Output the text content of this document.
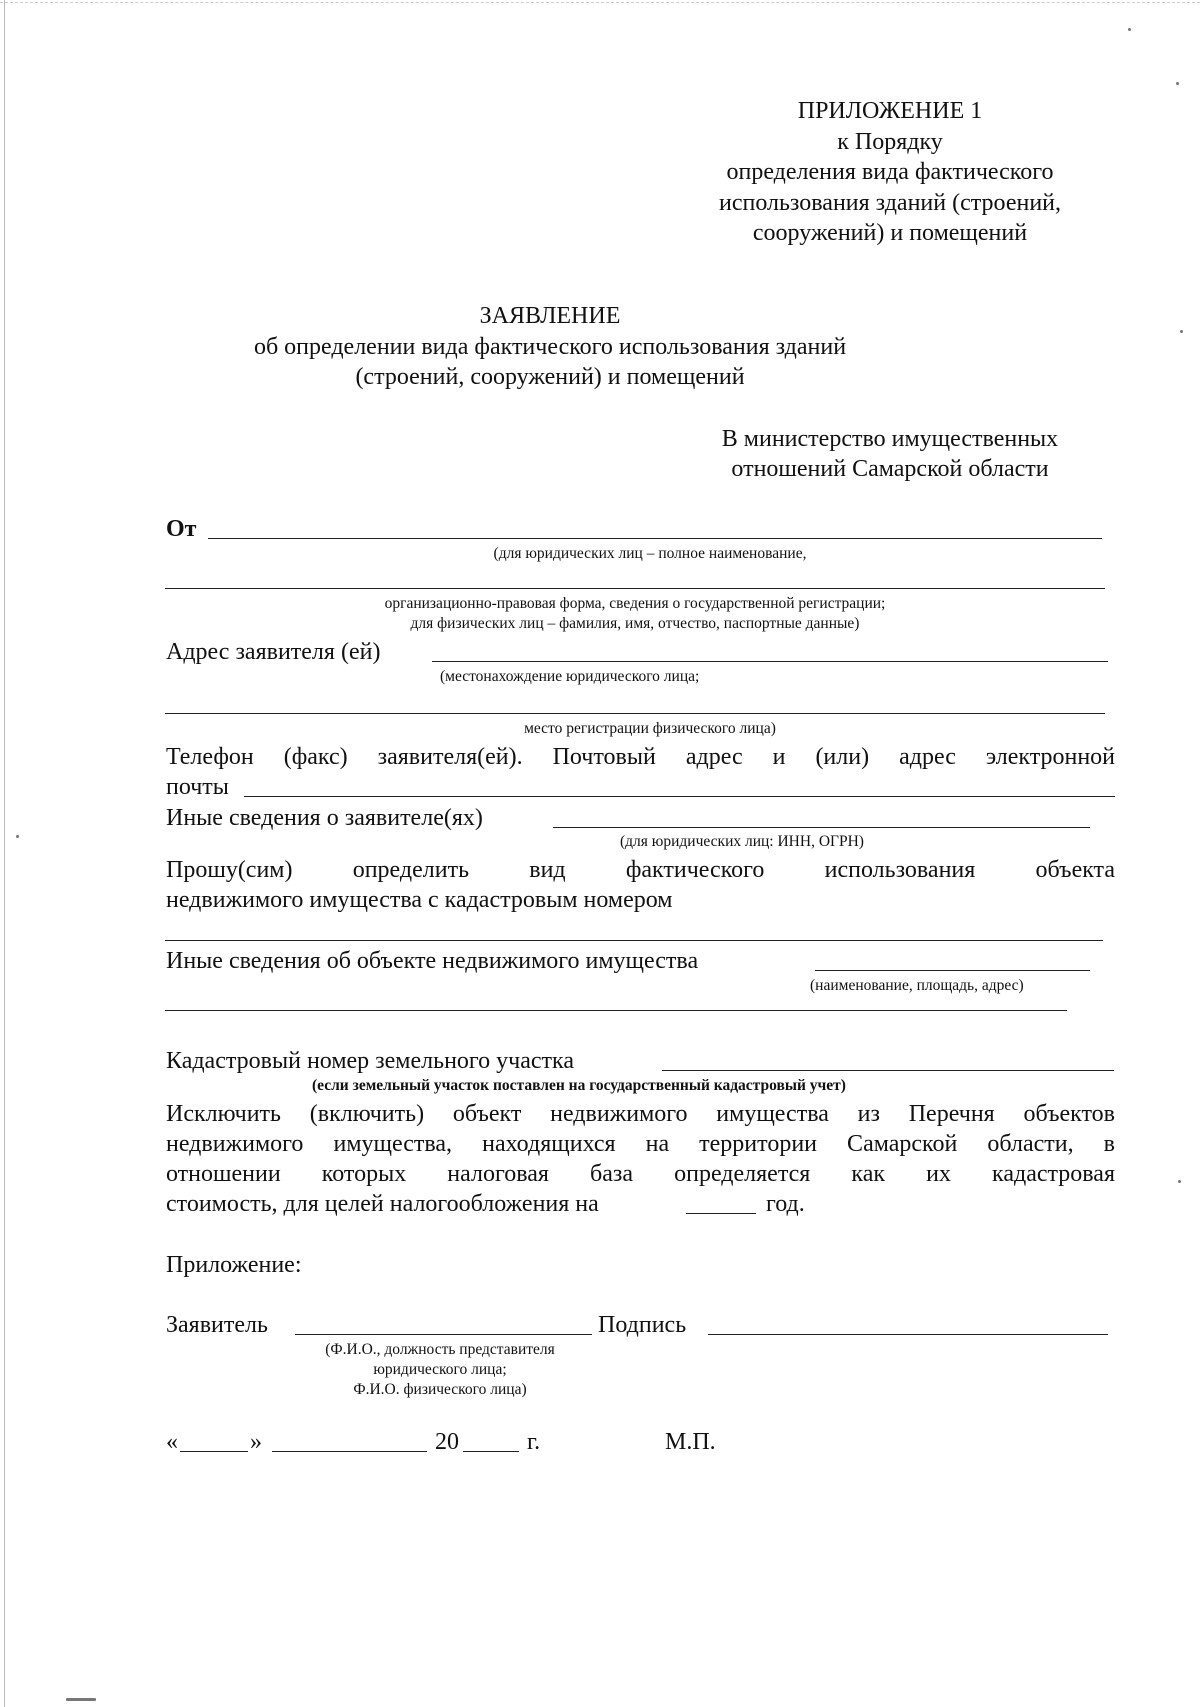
ПРИЛОЖЕНИЕ 1
к Порядку
определения вида фактического
использования зданий (строений,
сооружений) и помещений
ЗАЯВЛЕНИЕ
об определении вида фактического использования зданий
(строений, сооружений) и помещений
В министерство имущественных
отношений Самарской области
От
(для юридических лиц – полное наименование,
организационно-правовая форма, сведения о государственной регистрации;
для физических лиц – фамилия, имя, отчество, паспортные данные)
Адрес заявителя (ей)
(местонахождение юридического лица;
место регистрации физического лица)
Телефон (факс) заявителя(ей). Почтовый адрес и (или) адрес электронной
почты
Иные сведения о заявителе(ях)
(для юридических лиц: ИНН, ОГРН)
Прошу(сим) определить вид фактического использования объекта
недвижимого имущества с кадастровым номером
Иные сведения об объекте недвижимого имущества
(наименование, площадь, адрес)
Кадастровый номер земельного участка
(если земельный участок поставлен на государственный кадастровый учет)
Исключить (включить) объект недвижимого имущества из Перечня объектов
недвижимого имущества, находящихся на территории Самарской области, в
отношении которых налоговая база определяется как их кадастровая
стоимость, для целей налогообложения на	год.
Приложение:
Заявитель	Подпись
(Ф.И.О., должность представителя
юридического лица;
Ф.И.О. физического лица)
«	»	20	г.	М.П.
